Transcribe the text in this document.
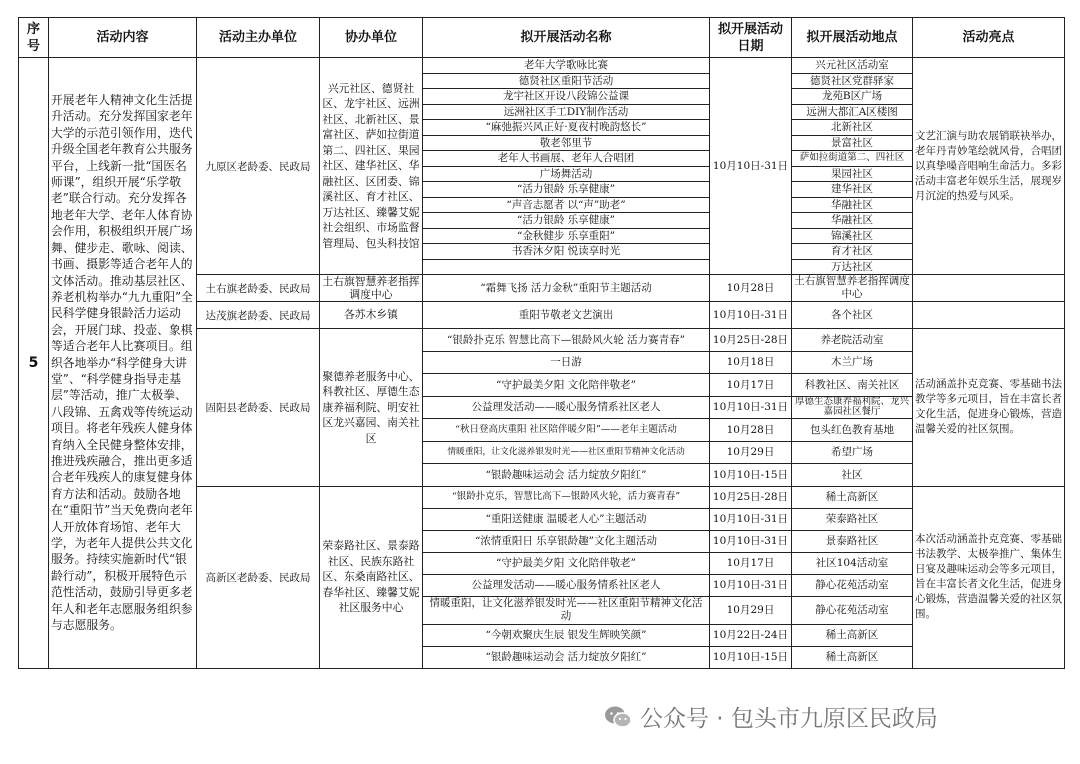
序号	活动内容	活动主办单位	协办单位	拟开展活动名称	拟开展活动日期	拟开展活动地点	活动亮点
5	开展老年人精神文化生活提升活动。充分发挥国家老年大学的示范引领作用，迭代升级全国老年教育公共服务平台，上线新一批“国医名师课”，组织开展“乐学敬老”联合行动。充分发挥各地老年大学、老年人体育协会作用，积极组织开展广场舞、健步走、歌咏、阅读、书画、摄影等适合老年人的文体活动。推动基层社区、养老机构举办“九九重阳”全民科学健身银龄活力运动会，开展门球、投壶、象棋等适合老年人比赛项目。组织各地举办“科学健身大讲堂”、“科学健身指导走基层”等活动，推广太极拳、八段锦、五禽戏等传统运动项目。将老年残疾人健身体育纳入全民健身整体安排，推进残疾融合，推出更多适合老年残疾人的康复健身体育方法和活动。鼓励各地在“重阳节”当天免费向老年人开放体育场馆、老年大学，为老年人提供公共文化服务。持续实施新时代“银龄行动”，积极开展特色示范性活动，鼓励引导更多老年人和老年志愿服务组织参与志愿服务。	九原区老龄委、民政局	兴元社区、德贤社区、龙宇社区、远洲社区、北新社区、景富社区、萨如拉街道第二、四社区、果园社区、建华社区、华融社区、区团委、锦溪社区、育才社区、万达社区、臻馨艾妮社会组织、市场监督管理局、包头科技馆	老年大学歌咏比赛	10月10日-31日	兴元社区活动室	文艺汇演与助农展销联袂举办，老年丹青妙笔绘就风骨，合唱团以真挚嗓音唱响生命活力。多彩活动丰富老年娱乐生活，展现岁月沉淀的热爱与风采。
				德贤社区重阳节活动		德贤社区党群驿家	
				龙宇社区开设八段锦公益课		龙苑B区广场	
				远洲社区手工DIY制作活动		远洲大都汇A区楼图	
				“麻弛振兴风正好·夏夜村晚韵悠长”		北新社区	
				敬老邻里节		景富社区	
				老年人书画展、老年人合唱团		萨如拉街道第二、四社区	
				广场舞活动		果园社区	
				“活力银龄 乐享健康”		建华社区	
				“声音志愿者 以“声”助老”		华融社区	
				“活力银龄 乐享健康”		华融社区	
				“金秋健步 乐享重阳”		锦溪社区	
				书香沐夕阳 悦读享时光		育才社区	
						万达社区	
		土右旗老龄委、民政局	土右旗智慧养老指挥调度中心	“霜舞飞扬 活力金秋”重阳节主题活动	10月28日	土右旗智慧养老指挥调度中心	
		达茂旗老龄委、民政局	各苏木乡镇	重阳节敬老文艺演出	10月10日-31日	各个社区	
		固阳县老龄委、民政局	聚德养老服务中心、科教社区、厚德生态康养福利院、明安社区龙兴嘉园、南关社区	“银龄扑克乐 智慧比高下—银龄风火轮 活力赛青春”	10月25日-28日	养老院活动室	活动涵盖扑克竞赛、零基础书法教学等多元项目，旨在丰富长者文化生活，促进身心锻炼，营造温馨关爱的社区氛围。
				一日游	10月18日	木兰广场	
				“守护最美夕阳 文化陪伴敬老”	10月17日	科教社区、南关社区	
				公益理发活动——暖心服务情系社区老人	10月10日-31日	厚德生态康养福利院、龙兴嘉园社区餐厅	
				“秋日登高庆重阳 社区陪伴暖夕阳”——老年主题活动	10月28日	包头红色教育基地	
				情暖重阳，让文化滋养银发时光——社区重阳节精神文化活动	10月29日	希望广场	
				“银龄趣味运动会 活力绽放夕阳红”	10月10日-15日	社区	
		高新区老龄委、民政局	荣泰路社区、景泰路社区、民族东路社区、东桑南路社区、春华社区、臻馨艾妮社区服务中心	“银龄扑克乐，智慧比高下—银龄风火轮，活力赛青春”	10月25日-28日	稀土高新区	本次活动涵盖扑克竞赛、零基础书法教学、太极拳推广、集体生日宴及趣味运动会等多元项目，旨在丰富长者文化生活，促进身心锻炼，营造温馨关爱的社区氛围。
				“重阳送健康 温暖老人心”主题活动	10月10日-31日	荣泰路社区	
				“浓情重阳日 乐享银龄趣”文化主题活动	10月10日-31日	景泰路社区	
				“守护最美夕阳 文化陪伴敬老”	10月17日	社区104活动室	
				公益理发活动——暖心服务情系社区老人	10月10日-31日	静心花苑活动室	
				情暖重阳，让文化滋养银发时光——社区重阳节精神文化活动	10月29日	静心花苑活动室	
				“今朝欢聚庆生辰 银发生辉映笑颜”	10月22日-24日	稀土高新区	
				“银龄趣味运动会 活力绽放夕阳红”	10月10日-15日	稀土高新区	
公众号 · 包头市九原区民政局
